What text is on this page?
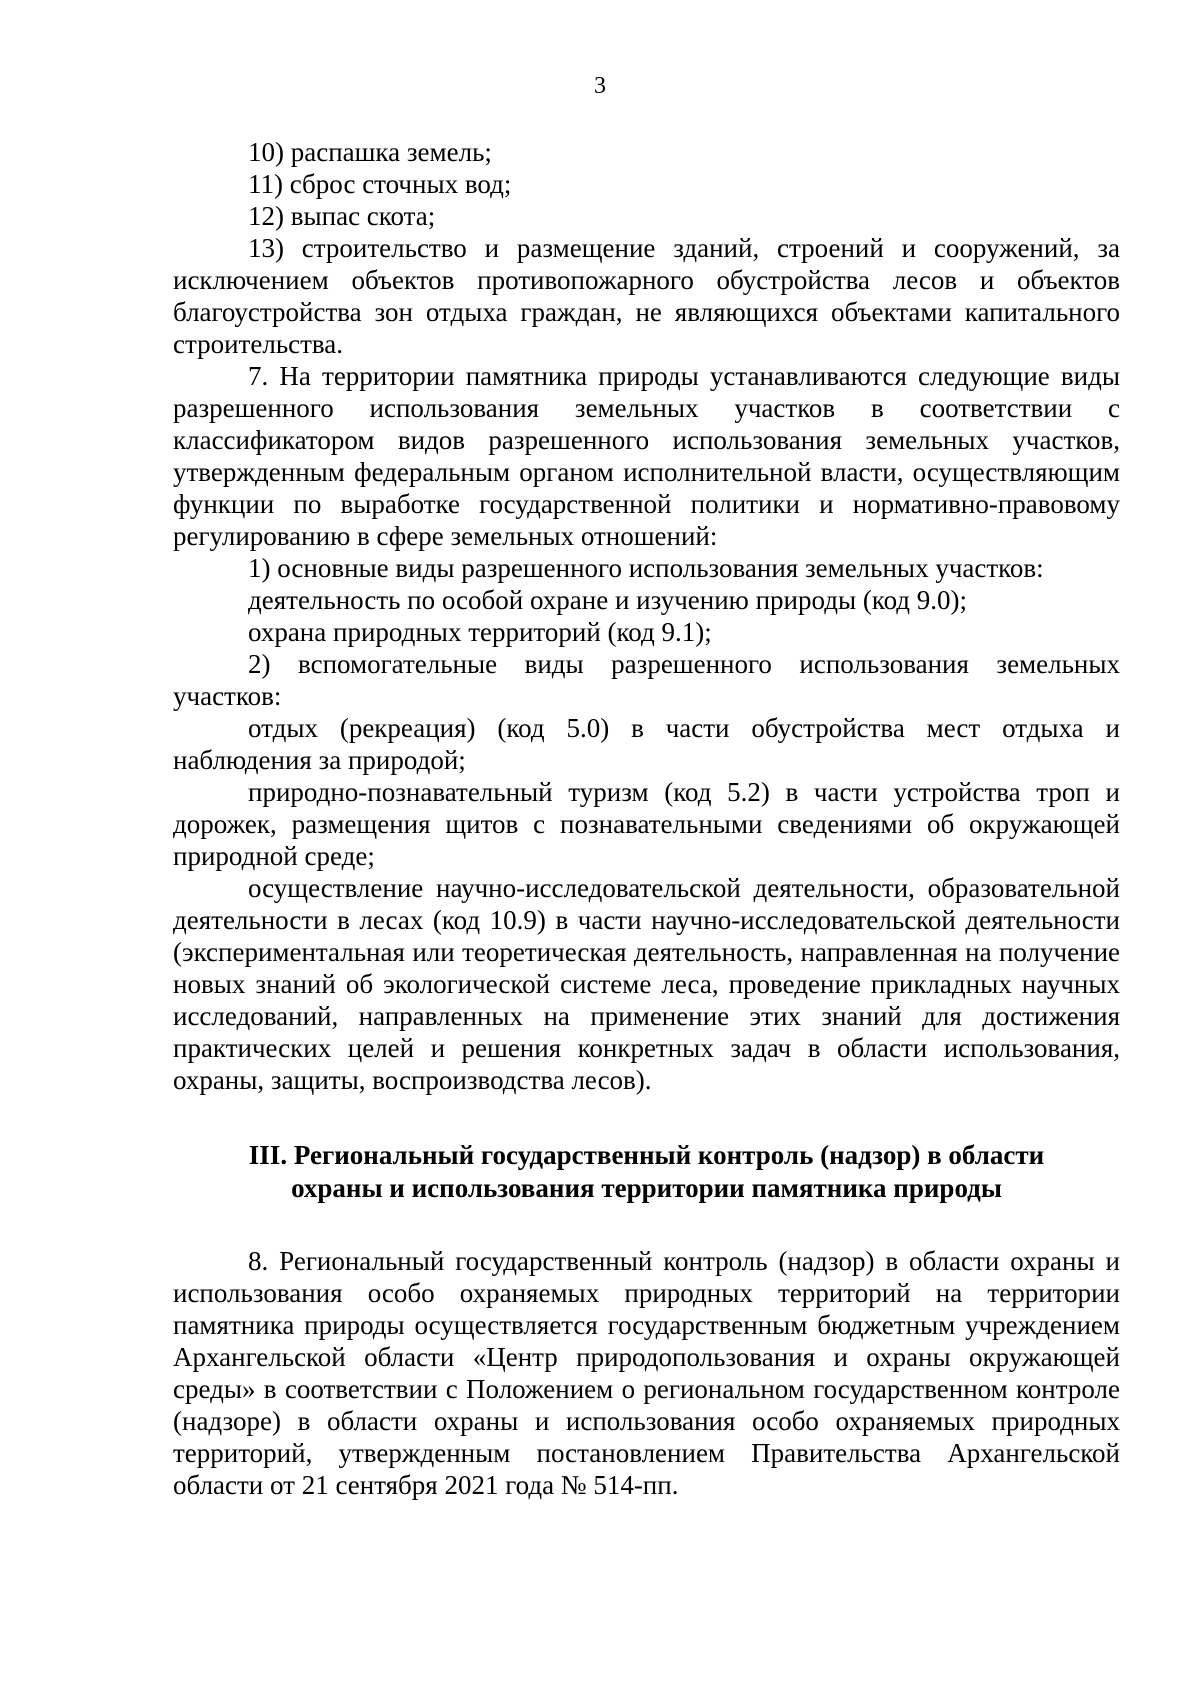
3

10) распашка земель;

11) сброс сточных вод;

12) выпас скота;

13) строительство и размещение зданий, строений и сооружений, за исключением объектов противопожарного обустройства лесов и объектов благоустройства зон отдыха граждан, не являющихся объектами капитального строительства.

7. На территории памятника природы устанавливаются следующие виды разрешенного использования земельных участков в соответствии с классификатором видов разрешенного использования земельных участков, утвержденным федеральным органом исполнительной власти, осуществляющим функции по выработке государственной политики и нормативно-правовому регулированию в сфере земельных отношений:

1) основные виды разрешенного использования земельных участков:

деятельность по особой охране и изучению природы (код 9.0);

охрана природных территорий (код 9.1);

2) вспомогательные виды разрешенного использования земельных участков:

отдых (рекреация) (код 5.0) в части обустройства мест отдыха и наблюдения за природой;

природно-познавательный туризм (код 5.2) в части устройства троп и дорожек, размещения щитов с познавательными сведениями об окружающей природной среде;

осуществление научно-исследовательской деятельности, образовательной деятельности в лесах (код 10.9) в части научно-исследовательской деятельности (экспериментальная или теоретическая деятельность, направленная на получение новых знаний об экологической системе леса, проведение прикладных научных исследований, направленных на применение этих знаний для достижения практических целей и решения конкретных задач в области использования, охраны, защиты, воспроизводства лесов).

III. Региональный государственный контроль (надзор) в области
охраны и использования территории памятника природы

8. Региональный государственный контроль (надзор) в области охраны и использования особо охраняемых природных территорий на территории памятника природы осуществляется государственным бюджетным учреждением Архангельской области «Центр природопользования и охраны окружающей среды» в соответствии с Положением о региональном государственном контроле (надзоре) в области охраны и использования особо охраняемых природных территорий, утвержденным постановлением Правительства Архангельской области от 21 сентября 2021 года № 514-пп.
